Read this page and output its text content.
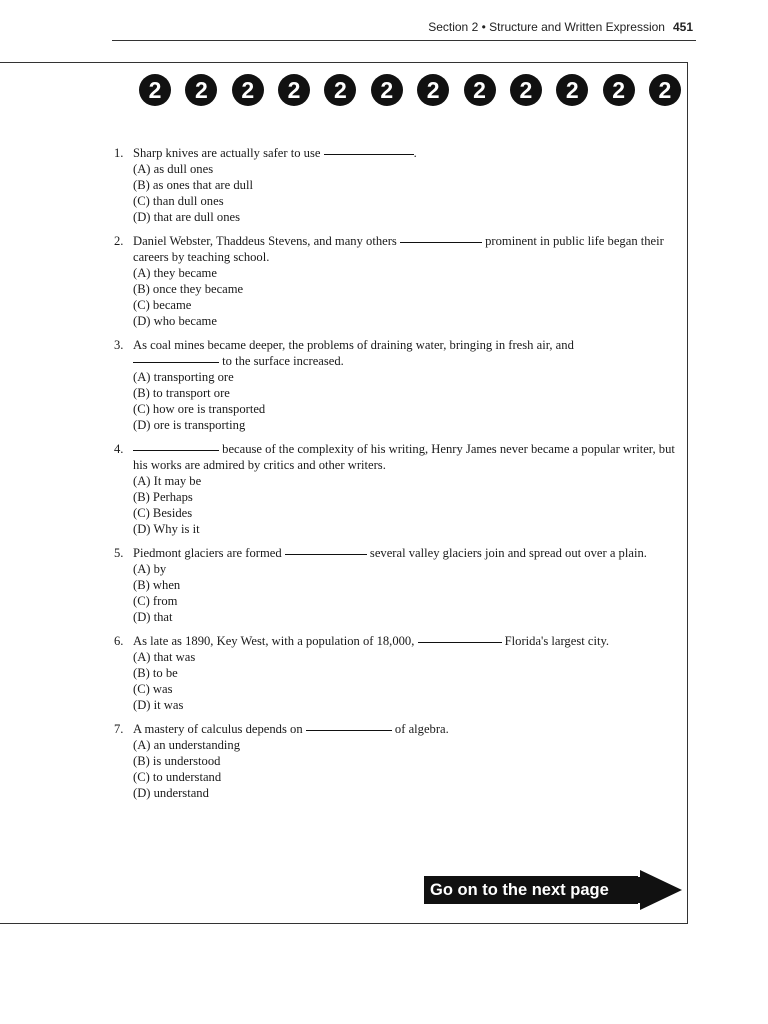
Section 2 • Structure and Written Expression 451
2	2	2	2	2	2	2	2	2	2	2	2
1. Sharp knives are actually safer to use	.
(A) as dull ones
(B) as ones that are dull
(C) than dull ones
(D) that are dull ones
2. Daniel Webster, Thaddeus Stevens, and many others	prominent in public life began their careers by teaching school.
(A) they became
(B) once they became
(C) became
(D) who became
3. As coal mines became deeper, the problems of draining water, bringing in fresh air, and
to the surface increased.
(A) transporting ore
(B) to transport ore
(C) how ore is transported
(D) ore is transporting
4.	because of the complexity of his writing, Henry James never became a popular writer, but his works are admired by critics and other writers.
(A) It may be
(B) Perhaps
(C) Besides
(D) Why is it
5. Piedmont glaciers are formed	several valley glaciers join and spread out over a plain.
(A) by
(B) when
(C) from
(D) that
6. As late as 1890, Key West, with a population of 18,000,	Florida's largest city.
(A) that was
(B) to be
(C) was
(D) it was
7. A mastery of calculus depends on	of algebra.
(A) an understanding
(B) is understood
(C) to understand
(D) understand
Go on to the next page
